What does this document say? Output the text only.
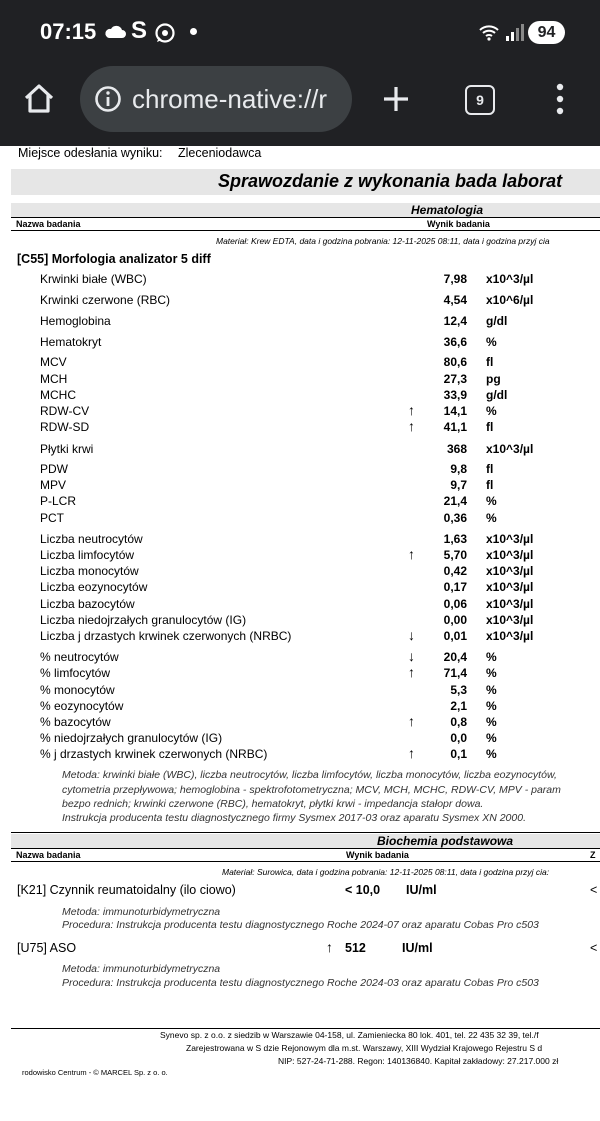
07:15 S	94
chrome-native://r	9
Miejsce odesłania wyniku: Zleceniodawca
Sprawozdanie z wykonania bada laborat
Hematologia
Nazwa badania	Wynik badania
Materiał: Krew EDTA, data i godzina pobrania: 12-11-2025 08:11, data i godzina przyj cia
[C55] Morfologia analizator 5 diff
Krwinki białe (WBC)	7,98 x10^3/µl
Krwinki czerwone (RBC)	4,54 x10^6/µl
Hemoglobina	12,4 g/dl
Hematokryt	36,6 %
MCV	80,6 fl
MCH	27,3 pg
MCHC	33,9 g/dl
RDW-CV	↑	14,1 %
RDW-SD	↑	41,1 fl
Płytki krwi	368 x10^3/µl
PDW	9,8 fl
MPV	9,7 fl
P-LCR	21,4 %
PCT	0,36 %
Liczba neutrocytów	1,63 x10^3/µl
Liczba limfocytów	↑	5,70 x10^3/µl
Liczba monocytów	0,42 x10^3/µl
Liczba eozynocytów	0,17 x10^3/µl
Liczba bazocytów	0,06 x10^3/µl
Liczba niedojrzałych granulocytów (IG)	0,00 x10^3/µl
Liczba j drzastych krwinek czerwonych (NRBC)	↓	0,01 x10^3/µl
% neutrocytów	↓	20,4 %
% limfocytów	↑	71,4 %
% monocytów	5,3 %
% eozynocytów	2,1 %
% bazocytów	↑	0,8 %
% niedojrzałych granulocytów (IG)	0,0 %
% j drzastych krwinek czerwonych (NRBC)	↑	0,1 %
Metoda: krwinki białe (WBC), liczba neutrocytów, liczba limfocytów, liczba monocytów, liczba eozynocytów,
cytometria przepływowa; hemoglobina - spektrofotometryczna; MCV, MCH, MCHC, RDW-CV, MPV - param
bezpo rednich; krwinki czerwone (RBC), hematokryt, płytki krwi - impedancja stałopr dowa.
Instrukcja producenta testu diagnostycznego firmy Sysmex 2017-03 oraz aparatu Sysmex XN 2000.
Biochemia podstawowa
Nazwa badania	Wynik badania	Z
Materiał: Surowica, data i godzina pobrania: 12-11-2025 08:11, data i godzina przyj cia:
[K21] Czynnik reumatoidalny (ilo ciowo)	< 10,0 IU/ml	<
Metoda: immunoturbidymetryczna
Procedura: Instrukcja producenta testu diagnostycznego Roche 2024-07 oraz aparatu Cobas Pro c503
[U75] ASO	↑ 512	IU/ml	<
Metoda: immunoturbidymetryczna
Procedura: Instrukcja producenta testu diagnostycznego Roche 2024-03 oraz aparatu Cobas Pro c503
Synevo sp. z o.o. z siedzib w Warszawie 04-158, ul. Zamienieckа 80 lok. 401, tel. 22 435 32 39, tel./f
Zarejestrowana w S dzie Rejonowym dla m.st. Warszawy, XIII Wydział Krajowego Rejestru S d
NIP: 527-24-71-288. Regon: 140136840. Kapitał zakładowy: 27.217.000 zł
rodowisko Centrum - © MARCEL Sp. z o. o.
